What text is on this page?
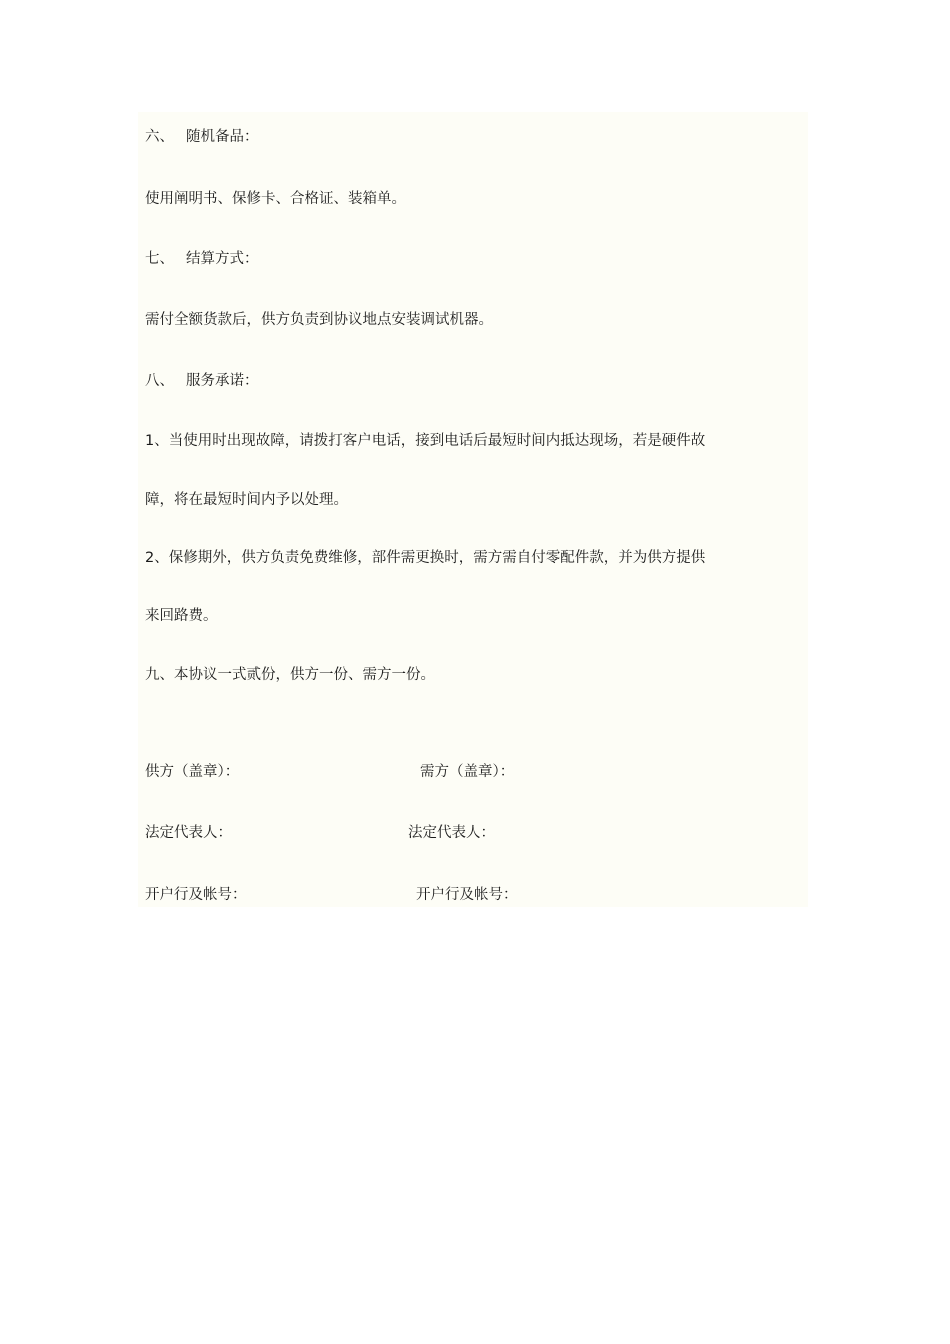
六、 随机备品：
使用阐明书、保修卡、合格证、装箱单。
七、 结算方式：
需付全额货款后，供方负责到协议地点安装调试机器。
八、 服务承诺：
1、当使用时出现故障，请拨打客户电话，接到电话后最短时间内抵达现场，若是硬件故
障，将在最短时间内予以处理。
2、保修期外，供方负责免费维修，部件需更换时，需方需自付零配件款，并为供方提供
来回路费。
九、本协议一式贰份，供方一份、需方一份。
供方（盖章）：	需方（盖章）：
法定代表人：	法定代表人：
开户行及帐号：	开户行及帐号：
